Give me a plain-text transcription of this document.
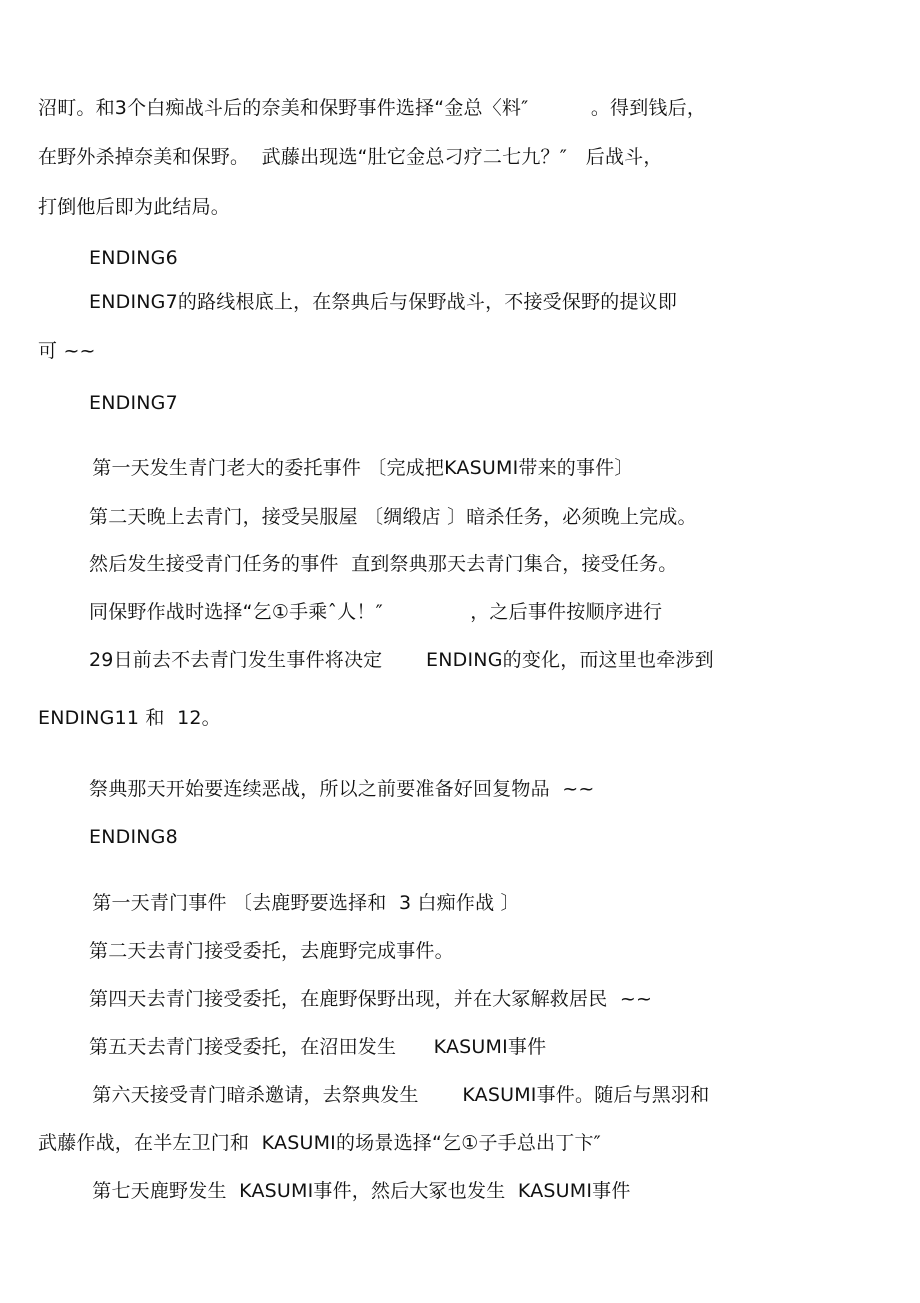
沼町。和3个白痴战斗后的奈美和保野事件选择“金总〈料″          。得到钱后，
在野外杀掉奈美和保野。  武藤出现选“肚它金总刁疗二七九？″   后战斗，
打倒他后即为此结局。
ENDING6
ENDING7的路线根底上，在祭典后与保野战斗，不接受保野的提议即
可 ~~
ENDING7
第一天发生青门老大的委托事件 〔完成把KASUMI带来的事件〕
第二天晚上去青门，接受吴服屋 〔绸缎店 〕暗杀任务，必须晚上完成。
然后发生接受青门任务的事件  直到祭典那天去青门集合，接受任务。
同保野作战时选择“乞①手乘ˆ人！″              ，之后事件按顺序进行
29日前去不去青门发生事件将决定       ENDING的变化，而这里也牵涉到
ENDING11 和  12。
祭典那天开始要连续恶战，所以之前要准备好回复物品  ~~
ENDING8
第一天青门事件 〔去鹿野要选择和  3 白痴作战 〕
第二天去青门接受委托，去鹿野完成事件。
第四天去青门接受委托，在鹿野保野出现，并在大冢解救居民  ~~
第五天去青门接受委托，在沼田发生      KASUMI事件
第六天接受青门暗杀邀请，去祭典发生       KASUMI事件。随后与黑羽和
武藤作战，在半左卫门和  KASUMI的场景选择“乞①子手总出丁卞″
第七天鹿野发生  KASUMI事件，然后大冢也发生  KASUMI事件
